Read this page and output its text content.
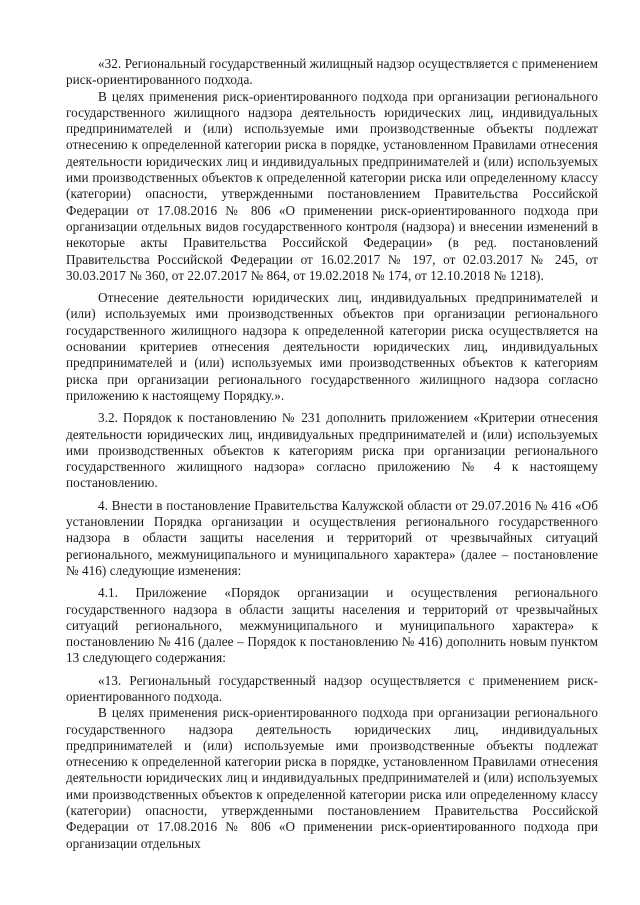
«32. Региональный государственный жилищный надзор осуществляется с применением риск-ориентированного подхода.

В целях применения риск-ориентированного подхода при организации регионального государственного жилищного надзора деятельность юридических лиц, индивидуальных предпринимателей и (или) используемые ими производственные объекты подлежат отнесению к определенной категории риска в порядке, установленном Правилами отнесения деятельности юридических лиц и индивидуальных предпринимателей и (или) используемых ими производственных объектов к определенной категории риска или определенному классу (категории) опасности, утвержденными постановлением Правительства Российской Федерации от 17.08.2016 № 806 «О применении риск-ориентированного подхода при организации отдельных видов государственного контроля (надзора) и внесении изменений в некоторые акты Правительства Российской Федерации» (в ред. постановлений Правительства Российской Федерации от 16.02.2017 № 197, от 02.03.2017 № 245, от 30.03.2017 № 360, от 22.07.2017 № 864, от 19.02.2018 № 174, от 12.10.2018 № 1218).

Отнесение деятельности юридических лиц, индивидуальных предпринимателей и (или) используемых ими производственных объектов при организации регионального государственного жилищного надзора к определенной категории риска осуществляется на основании критериев отнесения деятельности юридических лиц, индивидуальных предпринимателей и (или) используемых ими производственных объектов к категориям риска при организации регионального государственного жилищного надзора согласно приложению к настоящему Порядку.».

3.2. Порядок к постановлению № 231 дополнить приложением «Критерии отнесения деятельности юридических лиц, индивидуальных предпринимателей и (или) используемых ими производственных объектов к категориям риска при организации регионального государственного жилищного надзора» согласно приложению № 4 к настоящему постановлению.

4. Внести в постановление Правительства Калужской области от 29.07.2016 № 416 «Об установлении Порядка организации и осуществления регионального государственного надзора в области защиты населения и территорий от чрезвычайных ситуаций регионального, межмуниципального и муниципального характера» (далее – постановление № 416) следующие изменения:

4.1. Приложение «Порядок организации и осуществления регионального государственного надзора в области защиты населения и территорий от чрезвычайных ситуаций регионального, межмуниципального и муниципального характера» к постановлению № 416 (далее – Порядок к постановлению № 416) дополнить новым пунктом 13 следующего содержания:

«13. Региональный государственный надзор осуществляется с применением риск-ориентированного подхода.

В целях применения риск-ориентированного подхода при организации регионального государственного надзора деятельность юридических лиц, индивидуальных предпринимателей и (или) используемые ими производственные объекты подлежат отнесению к определенной категории риска в порядке, установленном Правилами отнесения деятельности юридических лиц и индивидуальных предпринимателей и (или) используемых ими производственных объектов к определенной категории риска или определенному классу (категории) опасности, утвержденными постановлением Правительства Российской Федерации от 17.08.2016 № 806 «О применении риск-ориентированного подхода при организации отдельных
